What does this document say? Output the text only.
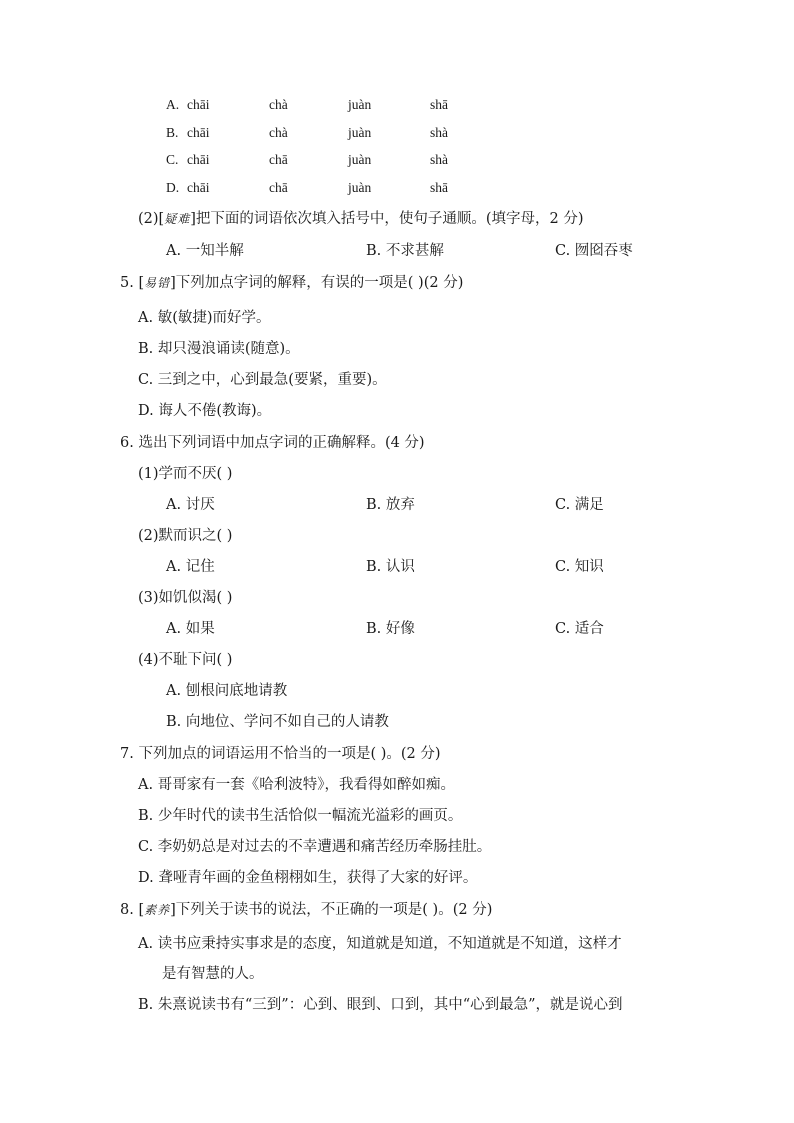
A. chāi	chà	juàn	shā
B. chāi	chà	juàn	shà
C. chāi	chā	juàn	shà
D. chāi	chā	juàn	shā
(2)[疑难]把下面的词语依次填入括号中，使句子通顺。(填字母，2 分)
A. 一知半解	B. 不求甚解	C. 囫囵吞枣
5. [易错]下列加点字词的解释，有误的一项是( )(2 分)
A. 敏(敏捷)而好学。
B. 却只漫浪诵读(随意)。
C. 三到之中，心到最急(要紧，重要)。
D. 诲人不倦(教诲)。
6. 选出下列词语中加点字词的正确解释。(4 分)
(1)学而不厌( )
A. 讨厌	B. 放弃	C. 满足
(2)默而识之( )
A. 记住	B. 认识	C. 知识
(3)如饥似渴( )
A. 如果	B. 好像	C. 适合
(4)不耻下问( )
A. 刨根问底地请教
B. 向地位、学问不如自己的人请教
7. 下列加点的词语运用不恰当的一项是( )。(2 分)
A. 哥哥家有一套《哈利波特》，我看得如醉如痴。
B. 少年时代的读书生活恰似一幅流光溢彩的画页。
C. 李奶奶总是对过去的不幸遭遇和痛苦经历牵肠挂肚。
D. 聋哑青年画的金鱼栩栩如生，获得了大家的好评。
8. [素养]下列关于读书的说法，不正确的一项是( )。(2 分)
A. 读书应秉持实事求是的态度，知道就是知道，不知道就是不知道，这样才
是有智慧的人。
B. 朱熹说读书有“三到”：心到、眼到、口到，其中“心到最急”，就是说心到
